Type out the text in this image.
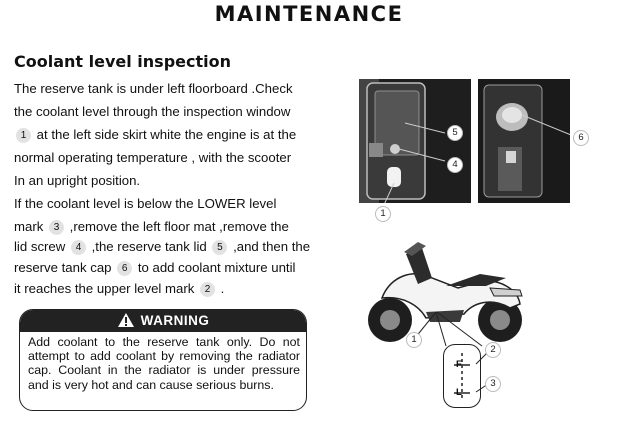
MAINTENANCE
Coolant level inspection
The reserve tank is under left floorboard .Check
the coolant level through the inspection window
1 at the left side skirt white the engine is at the
normal operating temperature , with the scooter
In an upright position.
If the coolant level is below the LOWER level
mark 3 ,remove the left floor mat ,remove the
lid screw 4 ,the reserve tank lid 5 ,and then the
reserve tank cap 6 to add coolant mixture until
it reaches the upper level mark 2 .
WARNING
Add coolant to the reserve tank only. Do not attempt to add coolant by removing the radiator cap. Coolant in the radiator is under pressure and is very hot and can cause serious burns.
5
4
1
6
1
F
L
2
3
